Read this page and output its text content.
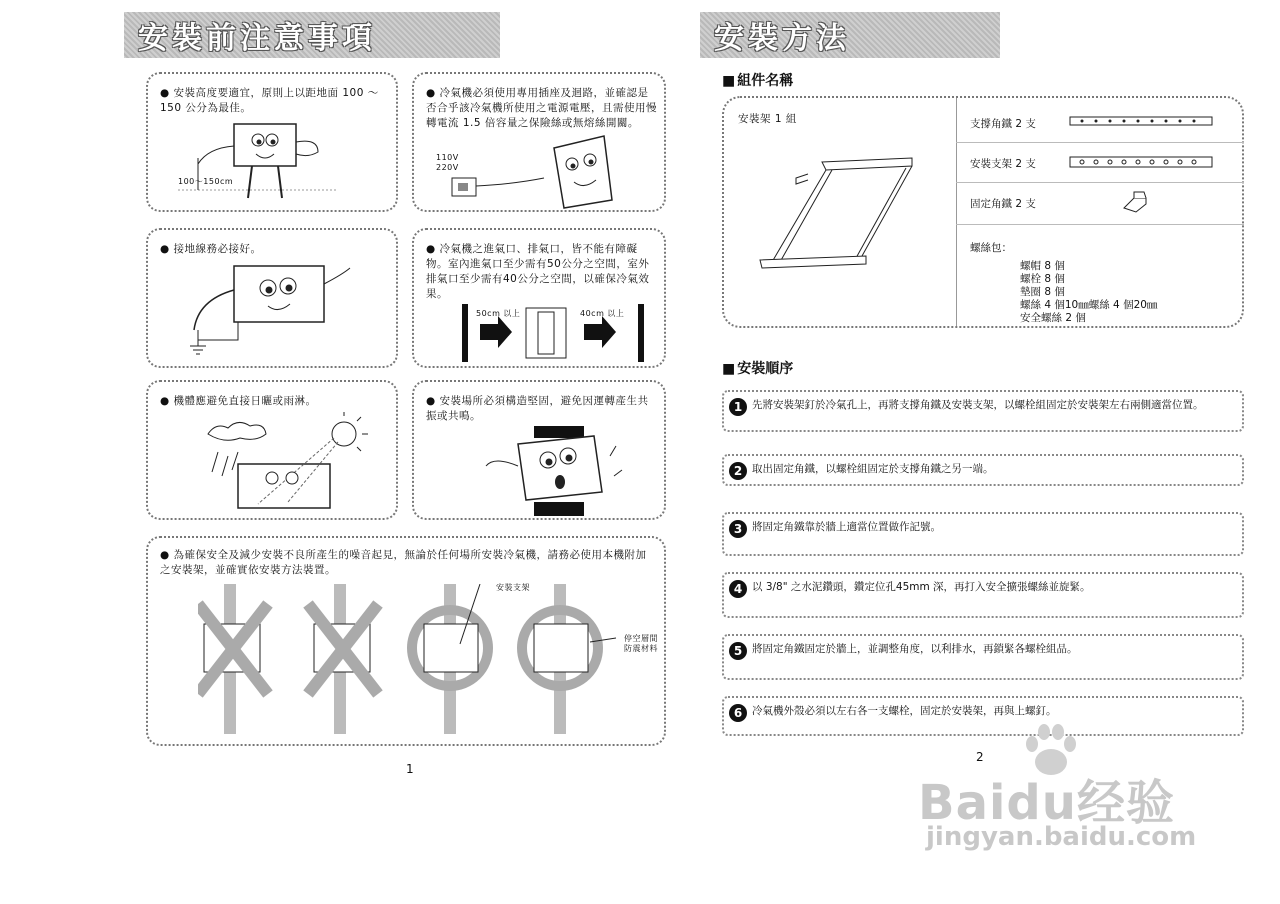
安裝前注意事項
● 安裝高度要適宜，原則上以距地面 100 ～ 150 公分為最佳。
100～150cm
● 冷氣機必須使用專用插座及迴路，並確認是否合乎該冷氣機所使用之電源電壓，且需使用慢轉電流 1.5 倍容量之保險絲或無熔絲開關。
110V
220V
● 接地線務必接好。	● 冷氣機之進氣口、排氣口，皆不能有障礙物。室內進氣口至少需有50公分之空間，室外排氣口至少需有40公分之空間，以確保冷氣效果。
50cm 以上	40cm 以上
● 機體應避免直接日曬或雨淋。	● 安裝場所必須構造堅固，避免因運轉產生共振或共鳴。
● 為確保安全及減少安裝不良所產生的噪音起見，無論於任何場所安裝冷氣機，請務必使用本機附加之安裝架，並確實依安裝方法裝置。
安裝支架
停空層間 防震材料
1
安裝方法
■ 組件名稱
安裝架 1 組	支撐角鐵 2 支
安裝支架 2 支
固定角鐵 2 支
螺絲包：
螺帽 8 個
螺栓 8 個
墊圈 8 個
螺絲 4 個10㎜螺絲 4 個20㎜
安全螺絲 2 個
■ 安裝順序
1 先將安裝架釘於冷氣孔上，再將支撐角鐵及安裝支架，以螺栓組固定於安裝架左右兩側適當位置。
2 取出固定角鐵，以螺栓組固定於支撐角鐵之另一端。
3 將固定角鐵靠於牆上適當位置做作記號。
4 以 3/8" 之水泥鑽頭，鑽定位孔45mm 深，再打入安全擴張螺絲並旋緊。
5 將固定角鐵固定於牆上，並調整角度，以利排水，再鎖緊各螺栓組品。
6 冷氣機外殼必須以左右各一支螺栓，固定於安裝架，再與上螺釘。
2
Baidu经验
jingyan.baidu.com
